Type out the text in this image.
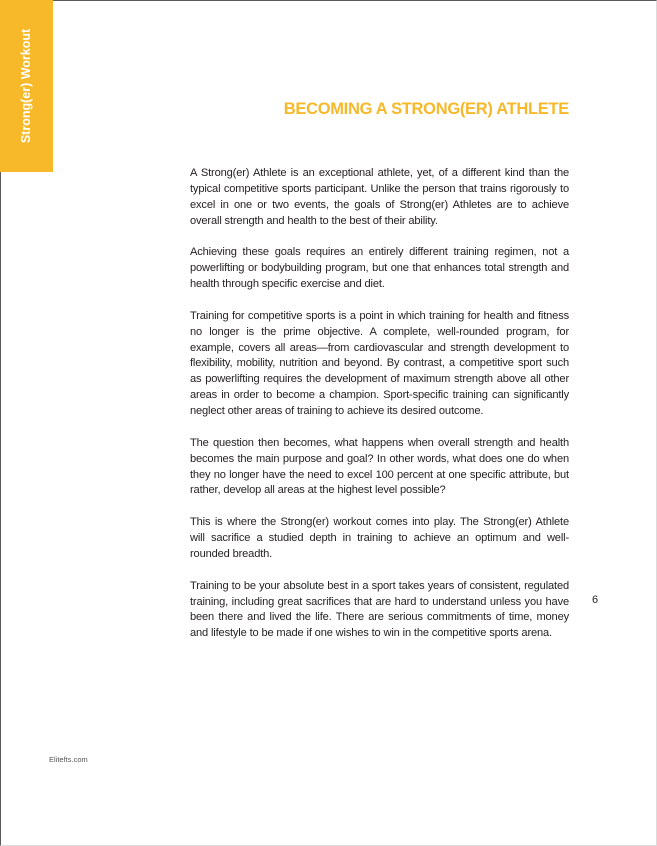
Strong(er) Workout	BECOMING A STRONG(ER) ATHLETE

A Strong(er) Athlete is an exceptional athlete, yet, of a different kind than the typical competitive sports participant. Unlike the person that trains rigorously to excel in one or two events, the goals of Strong(er) Athletes are to achieve overall strength and health to the best of their ability.

Achieving these goals requires an entirely different training regimen, not a powerlifting or bodybuilding program, but one that enhances total strength and health through specific exercise and diet.

Training for competitive sports is a point in which training for health and fitness no longer is the prime objective. A complete, well-rounded program, for example, covers all areas—from cardiovascular and strength development to flexibility, mobility, nutrition and beyond. By contrast, a competitive sport such as powerlifting requires the development of maximum strength above all other areas in order to become a champion. Sport-specific training can significantly neglect other areas of training to achieve its desired outcome.

The question then becomes, what happens when overall strength and health becomes the main purpose and goal? In other words, what does one do when they no longer have the need to excel 100 percent at one specific attribute, but rather, develop all areas at the highest level possible?

This is where the Strong(er) workout comes into play. The Strong(er) Athlete will sacrifice a studied depth in training to achieve an optimum and well-rounded breadth.

Training to be your absolute best in a sport takes years of consistent, regulated training, including great sacrifices that are hard to understand unless you have been there and lived the life. There are serious commitments of time, money and lifestyle to be made if one wishes to win in the competitive sports arena.

6
Elitefts.com
